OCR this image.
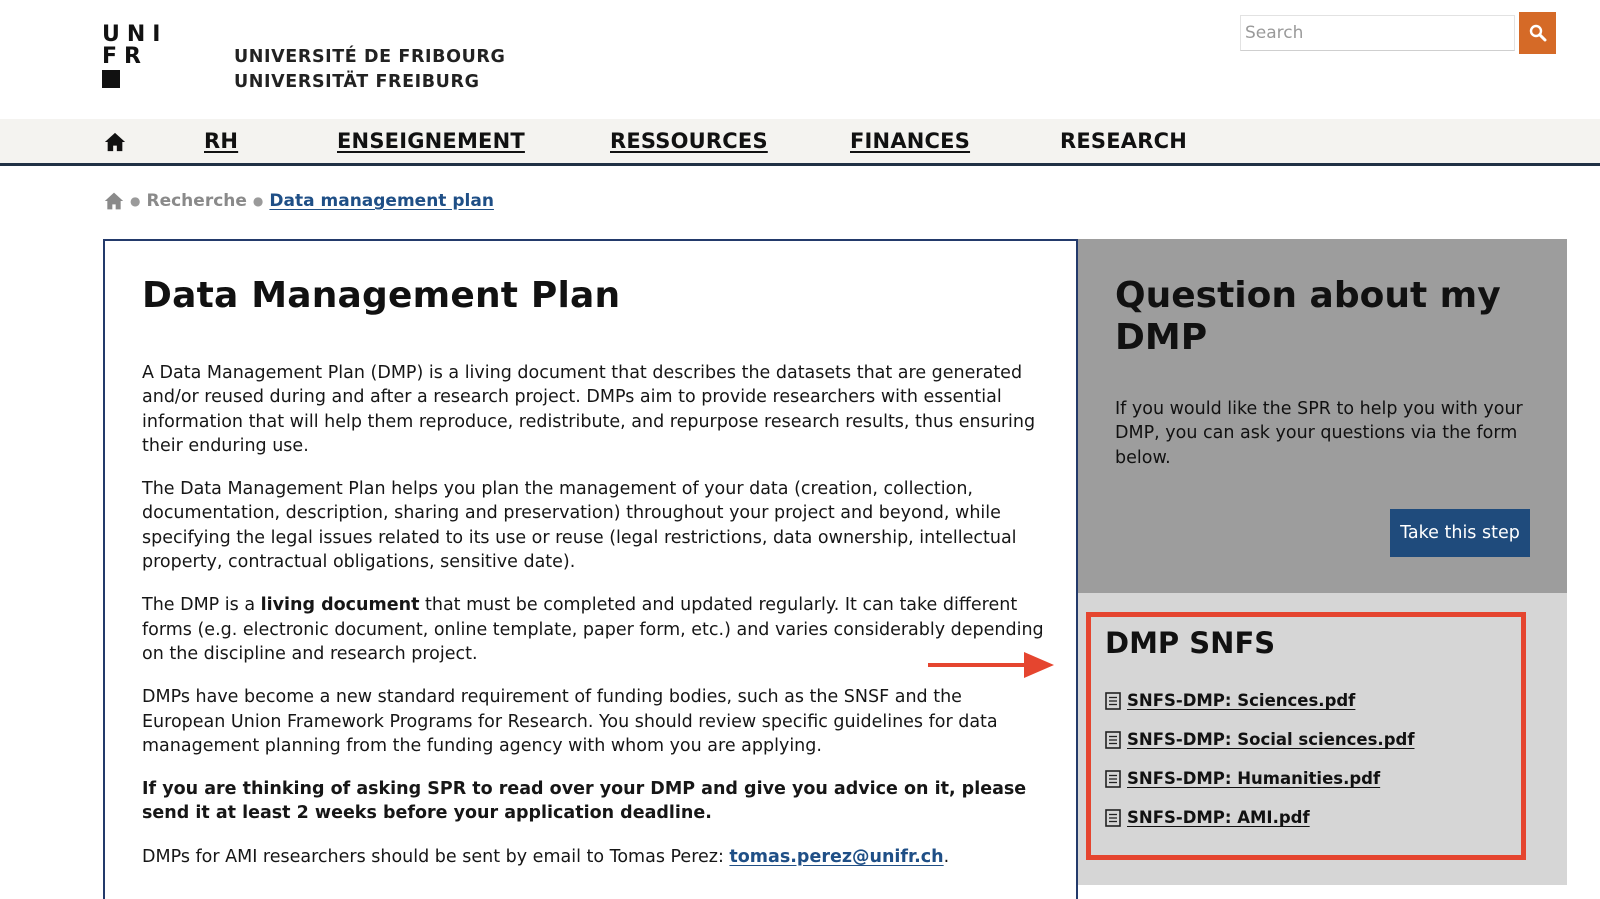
UNI
FR	UNIVERSITÉ DE FRIBOURG
UNIVERSITÄT FREIBURG
Search
RH	ENSEIGNEMENT	RESSOURCES	FINANCES	RESEARCH
● Recherche ● Data management plan
Data Management Plan

A Data Management Plan (DMP) is a living document that describes the datasets that are generated and/or reused during and after a research project. DMPs aim to provide researchers with essential information that will help them reproduce, redistribute, and repurpose research results, thus ensuring their enduring use.

The Data Management Plan helps you plan the management of your data (creation, collection, documentation, description, sharing and preservation) throughout your project and beyond, while specifying the legal issues related to its use or reuse (legal restrictions, data ownership, intellectual property, contractual obligations, sensitive date).

The DMP is a living document that must be completed and updated regularly. It can take different forms (e.g. electronic document, online template, paper form, etc.) and varies considerably depending on the discipline and research project.

DMPs have become a new standard requirement of funding bodies, such as the SNSF and the European Union Framework Programs for Research. You should review specific guidelines for data management planning from the funding agency with whom you are applying.

If you are thinking of asking SPR to read over your DMP and give you advice on it, please send it at least 2 weeks before your application deadline.

DMPs for AMI researchers should be sent by email to Tomas Perez: tomas.perez@unifr.ch.

Question about my DMP
If you would like the SPR to help you with your DMP, you can ask your questions via the form below.
Take this step
DMP SNFS
SNFS-DMP: Sciences.pdf
SNFS-DMP: Social sciences.pdf
SNFS-DMP: Humanities.pdf
SNFS-DMP: AMI.pdf
